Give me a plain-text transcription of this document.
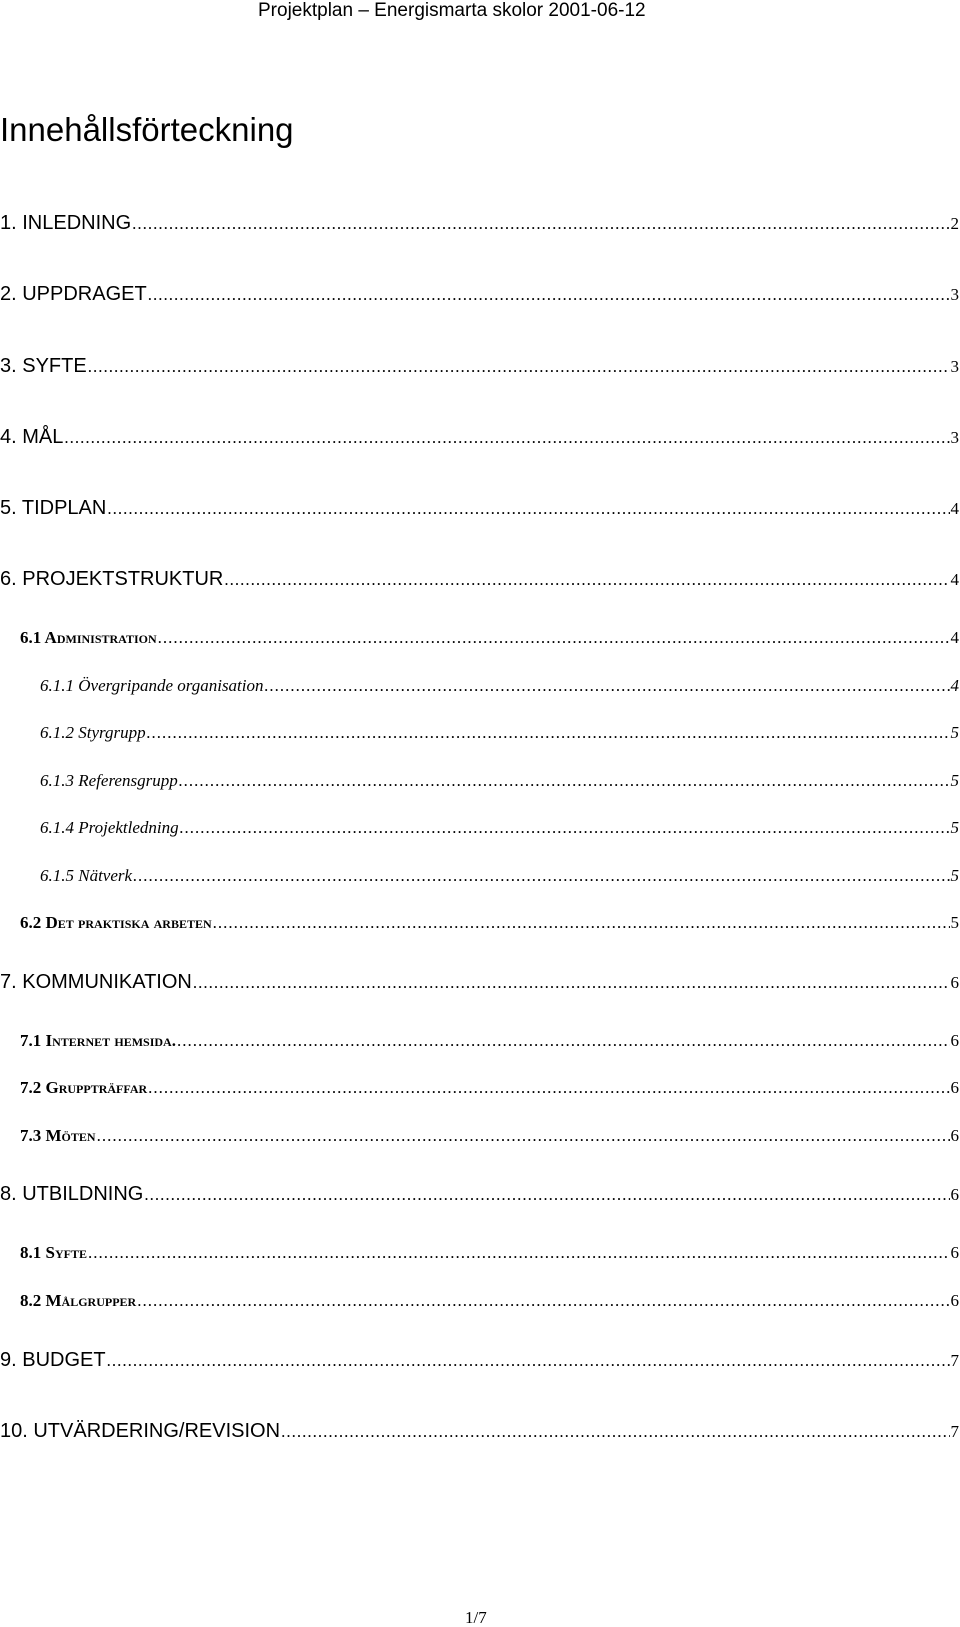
Projektplan – Energismarta skolor 2001-06-12
Innehållsförteckning
1. INLEDNING .....	2
2. UPPDRAGET .....	3
3. SYFTE .....	3
4. MÅL .....	3
5. TIDPLAN .....	4
6. PROJEKTSTRUKTUR .....	4
6.1 Administration .....	4
6.1.1 Övergripande organisation .....	4
6.1.2 Styrgrupp .....	5
6.1.3 Referensgrupp .....	5
6.1.4 Projektledning .....	5
6.1.5 Nätverk .....	5
6.2 Det praktiska arbeten .....	5
7. KOMMUNIKATION .....	6
7.1 Internet hemsida. .....	6
7.2 Gruppträffar .....	6
7.3 Möten .....	6
8. UTBILDNING .....	6
8.1 Syfte .....	6
8.2 Målgrupper .....	6
9. BUDGET .....	7
10. UTVÄRDERING/REVISION .....	7
1/7
